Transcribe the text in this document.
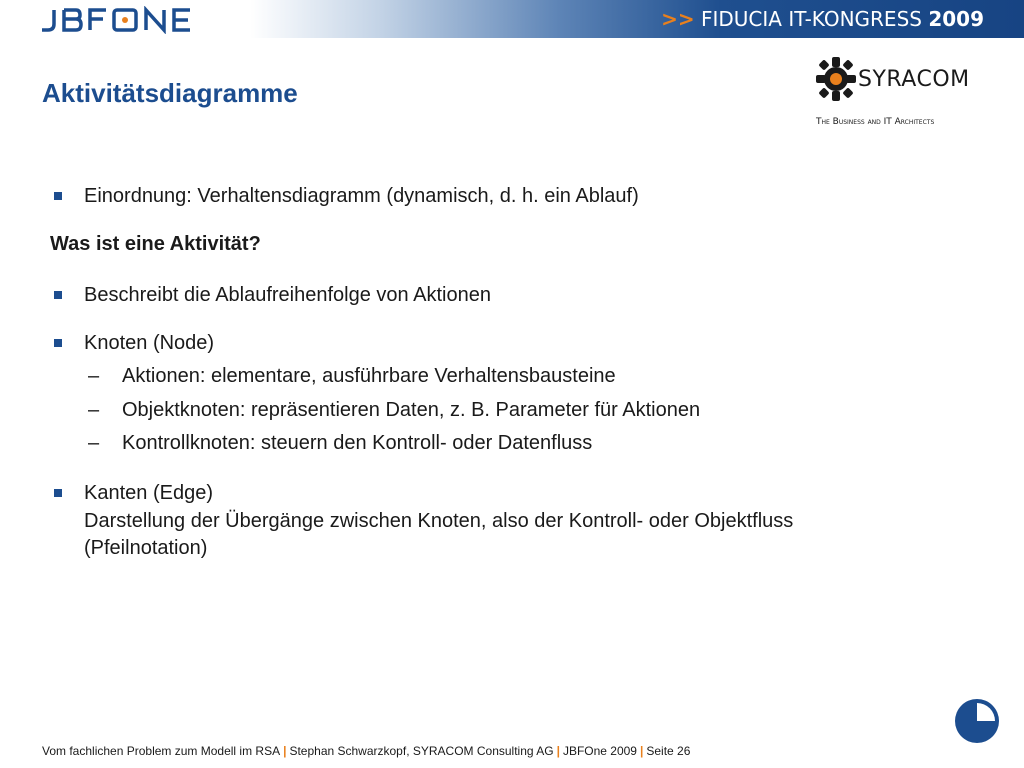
>> FIDUCIA IT-KONGRESS 2009
Aktivitätsdiagramme	SYRACOM
The Business and IT Architects
Einordnung: Verhaltensdiagramm (dynamisch, d. h. ein Ablauf)
Was ist eine Aktivität?
Beschreibt die Ablaufreihenfolge von Aktionen
Knoten (Node)
– Aktionen: elementare, ausführbare Verhaltensbausteine
– Objektknoten: repräsentieren Daten, z. B. Parameter für Aktionen
– Kontrollknoten: steuern den Kontroll- oder Datenfluss
Kanten (Edge)
Darstellung der Übergänge zwischen Knoten, also der Kontroll- oder Objektfluss
(Pfeilnotation)
Vom fachlichen Problem zum Modell im RSA | Stephan Schwarzkopf, SYRACOM Consulting AG | JBFOne 2009 | Seite 26
